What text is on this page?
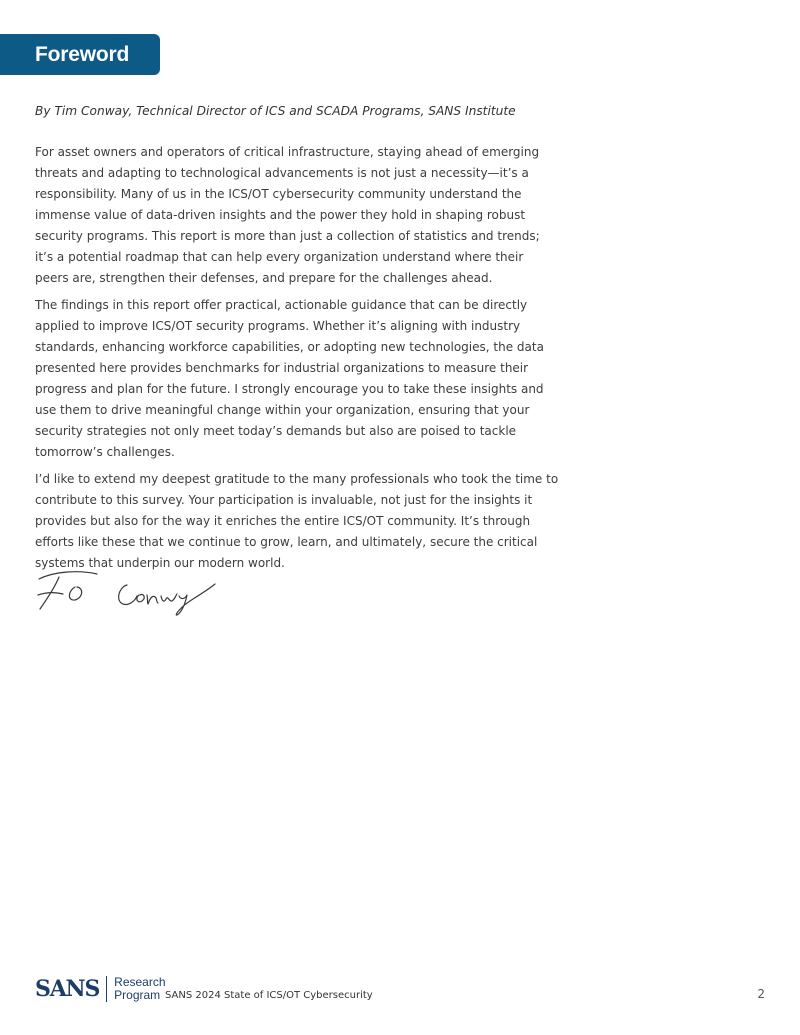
Foreword
By Tim Conway, Technical Director of ICS and SCADA Programs, SANS Institute

For asset owners and operators of critical infrastructure, staying ahead of emerging threats and adapting to technological advancements is not just a necessity—it’s a responsibility. Many of us in the ICS/OT cybersecurity community understand the immense value of data-driven insights and the power they hold in shaping robust security programs. This report is more than just a collection of statistics and trends; it’s a potential roadmap that can help every organization understand where their peers are, strengthen their defenses, and prepare for the challenges ahead.

The findings in this report offer practical, actionable guidance that can be directly applied to improve ICS/OT security programs. Whether it’s aligning with industry standards, enhancing workforce capabilities, or adopting new technologies, the data presented here provides benchmarks for industrial organizations to measure their progress and plan for the future. I strongly encourage you to take these insights and use them to drive meaningful change within your organization, ensuring that your security strategies not only meet today’s demands but also are poised to tackle tomorrow’s challenges.

I’d like to extend my deepest gratitude to the many professionals who took the time to contribute to this survey. Your participation is invaluable, not just for the insights it provides but also for the way it enriches the entire ICS/OT community. It’s through efforts like these that we continue to grow, learn, and ultimately, secure the critical systems that underpin our modern world.

SANS Research
Program SANS 2024 State of ICS/OT Cybersecurity	2
